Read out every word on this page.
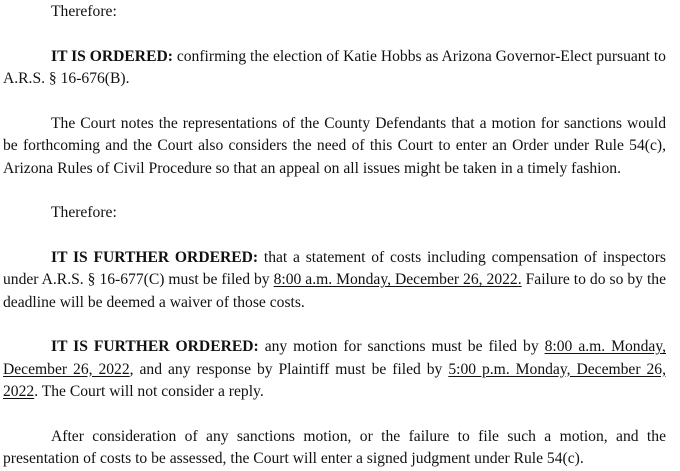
Therefore:

IT IS ORDERED: confirming the election of Katie Hobbs as Arizona Governor-Elect pursuant to A.R.S. § 16-676(B).

The Court notes the representations of the County Defendants that a motion for sanctions would be forthcoming and the Court also considers the need of this Court to enter an Order under Rule 54(c), Arizona Rules of Civil Procedure so that an appeal on all issues might be taken in a timely fashion.

Therefore:

IT IS FURTHER ORDERED: that a statement of costs including compensation of inspectors under A.R.S. § 16-677(C) must be filed by 8:00 a.m. Monday, December 26, 2022. Failure to do so by the deadline will be deemed a waiver of those costs.

IT IS FURTHER ORDERED: any motion for sanctions must be filed by 8:00 a.m. Monday, December 26, 2022, and any response by Plaintiff must be filed by 5:00 p.m. Monday, December 26, 2022. The Court will not consider a reply.

After consideration of any sanctions motion, or the failure to file such a motion, and the presentation of costs to be assessed, the Court will enter a signed judgment under Rule 54(c).
